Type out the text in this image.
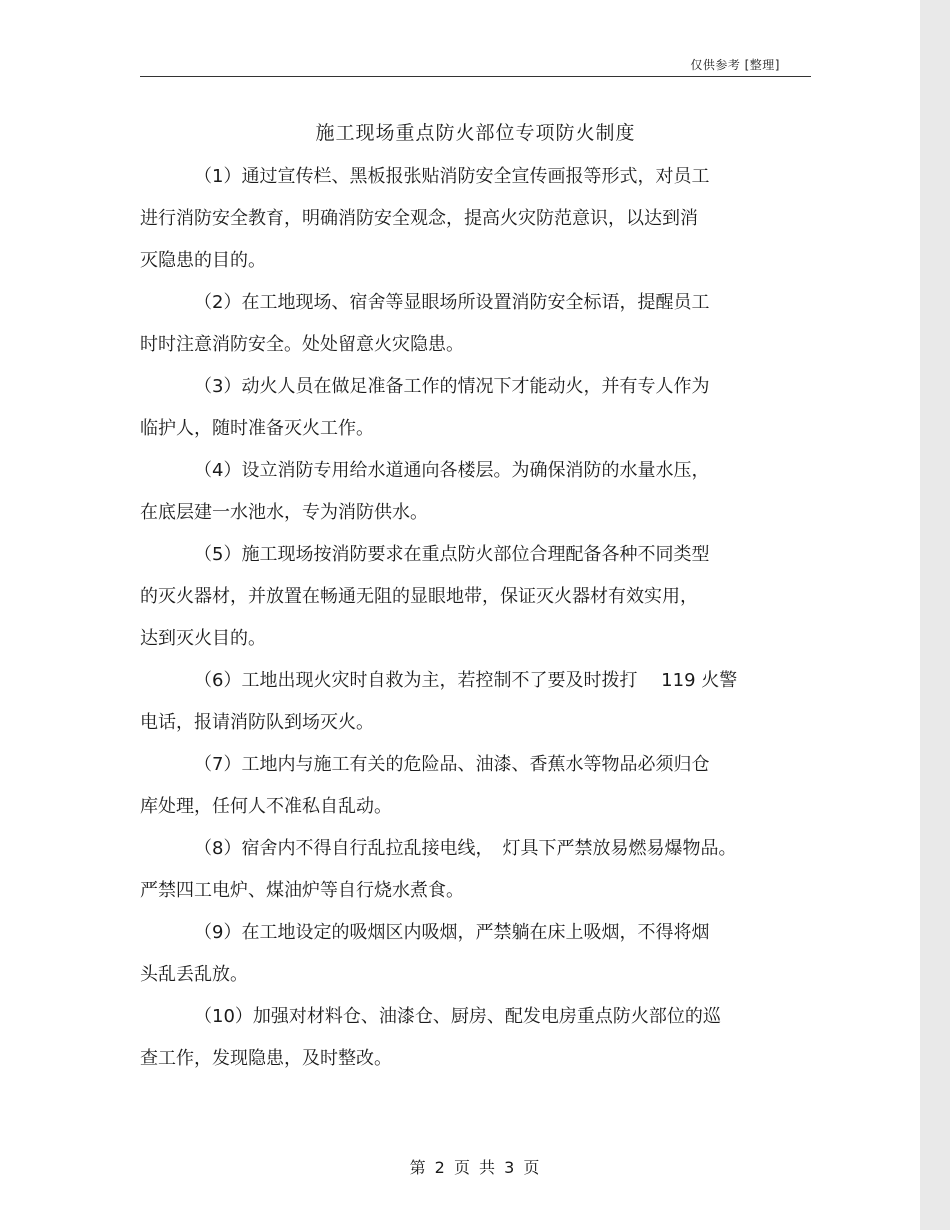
仅供参考 [整理]
施工现场重点防火部位专项防火制度

（1）通过宣传栏、黑板报张贴消防安全宣传画报等形式，对员工
进行消防安全教育，明确消防安全观念，提高火灾防范意识，以达到消
灭隐患的目的。

（2）在工地现场、宿舍等显眼场所设置消防安全标语，提醒员工
时时注意消防安全。处处留意火灾隐患。

（3）动火人员在做足准备工作的情况下才能动火，并有专人作为
临护人，随时准备灭火工作。

（4）设立消防专用给水道通向各楼层。为确保消防的水量水压，
在底层建一水池水，专为消防供水。

（5）施工现场按消防要求在重点防火部位合理配备各种不同类型
的灭火器材，并放置在畅通无阻的显眼地带，保证灭火器材有效实用，
达到灭火目的。

（6）工地出现火灾时自救为主，若控制不了要及时拨打　 119 火警
电话，报请消防队到场灭火。

（7）工地内与施工有关的危险品、油漆、香蕉水等物品必须归仓
库处理，任何人不准私自乱动。

（8）宿舍内不得自行乱拉乱接电线，　灯具下严禁放易燃易爆物品。
严禁四工电炉、煤油炉等自行烧水煮食。

（9）在工地设定的吸烟区内吸烟，严禁躺在床上吸烟，不得将烟
头乱丢乱放。

（10）加强对材料仓、油漆仓、厨房、配发电房重点防火部位的巡
查工作，发现隐患，及时整改。

第 2 页 共 3 页
